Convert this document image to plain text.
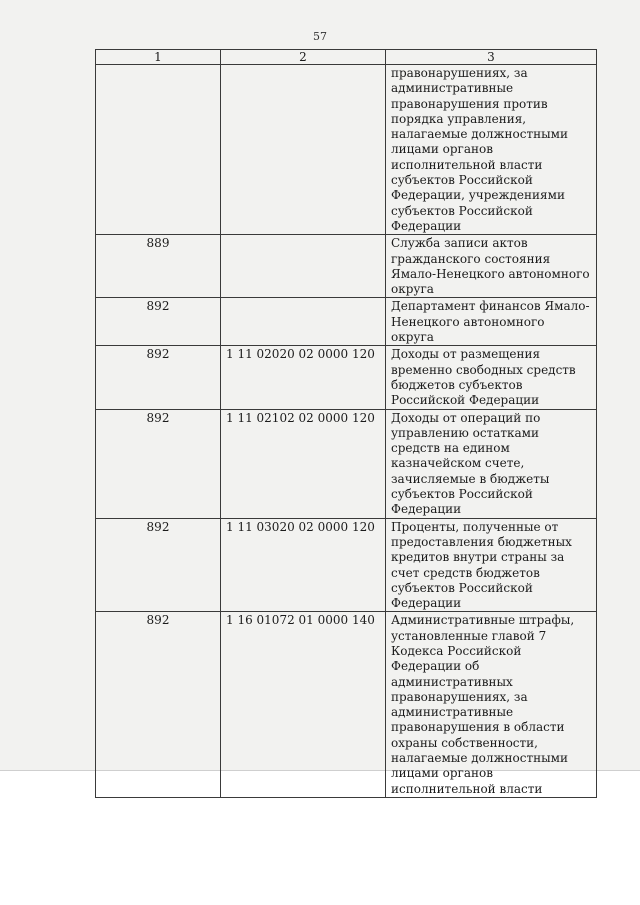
57
1	2	3
		правонарушениях, за административные правонарушения против порядка управления, налагаемые должностными лицами органов исполнительной власти субъектов Российской Федерации, учреждениями субъектов Российской Федерации
889		Служба записи актов гражданского состояния Ямало-Ненецкого автономного округа
892		Департамент финансов Ямало-Ненецкого автономного округа
892	1 11 02020 02 0000 120	Доходы от размещения временно свободных средств бюджетов субъектов Российской Федерации
892	1 11 02102 02 0000 120	Доходы от операций по управлению остатками средств на едином казначейском счете, зачисляемые в бюджеты субъектов Российской Федерации
892	1 11 03020 02 0000 120	Проценты, полученные от предоставления бюджетных кредитов внутри страны за счет средств бюджетов субъектов Российской Федерации
892	1 16 01072 01 0000 140	Административные штрафы, установленные главой 7 Кодекса Российской Федерации об административных правонарушениях, за административные правонарушения в области охраны собственности, налагаемые должностными лицами органов исполнительной власти
